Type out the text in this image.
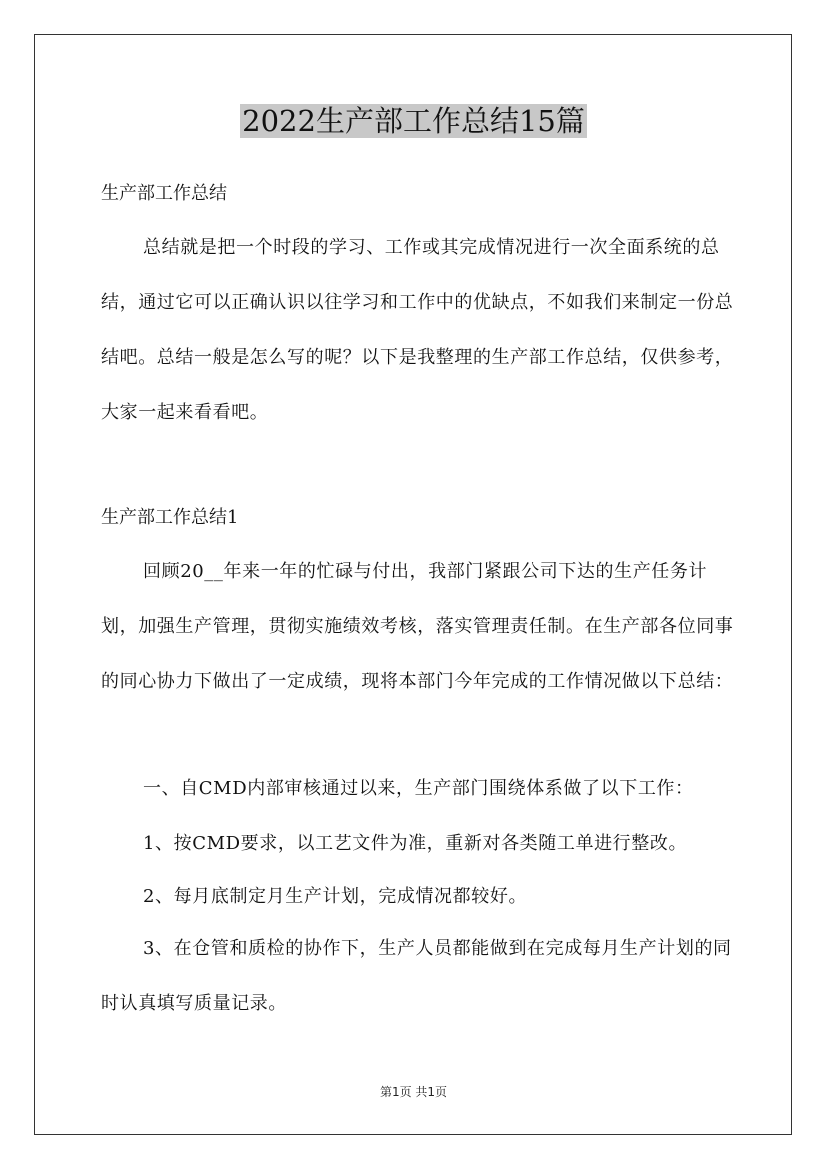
2022生产部工作总结15篇

生产部工作总结

总结就是把一个时段的学习、工作或其完成情况进行一次全面系统的总结，通过它可以正确认识以往学习和工作中的优缺点，不如我们来制定一份总结吧。总结一般是怎么写的呢？以下是我整理的生产部工作总结，仅供参考，大家一起来看看吧。

生产部工作总结1

回顾20__年来一年的忙碌与付出，我部门紧跟公司下达的生产任务计划，加强生产管理，贯彻实施绩效考核，落实管理责任制。在生产部各位同事的同心协力下做出了一定成绩，现将本部门今年完成的工作情况做以下总结：

一、自CMD内部审核通过以来，生产部门围绕体系做了以下工作：

1、按CMD要求，以工艺文件为准，重新对各类随工单进行整改。

2、每月底制定月生产计划，完成情况都较好。

3、在仓管和质检的协作下，生产人员都能做到在完成每月生产计划的同时认真填写质量记录。

第1页 共1页
